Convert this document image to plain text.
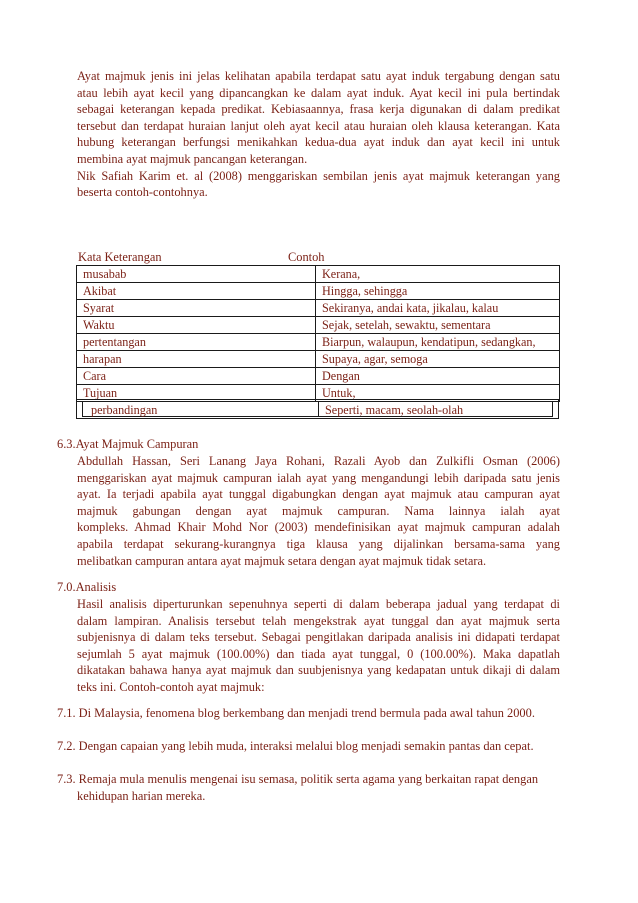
Ayat majmuk jenis ini jelas kelihatan apabila terdapat satu ayat induk tergabung dengan satu
atau lebih ayat kecil yang dipancangkan ke dalam ayat induk. Ayat kecil ini pula bertindak
sebagai keterangan kepada predikat. Kebiasaannya, frasa kerja digunakan di dalam predikat
tersebut dan terdapat huraian lanjut oleh ayat kecil atau huraian oleh klausa keterangan. Kata
hubung keterangan berfungsi menikahkan kedua-dua ayat induk dan ayat kecil ini untuk
membina ayat majmuk pancangan keterangan.
Nik Safiah Karim et. al (2008) menggariskan sembilan jenis ayat majmuk keterangan yang
beserta contoh-contohnya.
Kata Keterangan	Contoh
musabab	Kerana,
Akibat	Hingga, sehingga
Syarat	Sekiranya, andai kata, jikalau, kalau
Waktu	Sejak, setelah, sewaktu, sementara
pertentangan	Biarpun, walaupun, kendatipun, sedangkan,
harapan	Supaya, agar, semoga
Cara	Dengan
Tujuan	Untuk,
perbandingan	Seperti, macam, seolah-olah
6.3.Ayat Majmuk Campuran
Abdullah Hassan, Seri Lanang Jaya Rohani, Razali Ayob dan Zulkifli Osman (2006)
menggariskan ayat majmuk campuran ialah ayat yang mengandungi lebih daripada satu jenis
ayat. Ia terjadi apabila ayat tunggal digabungkan dengan ayat majmuk atau campuran ayat
majmuk gabungan dengan ayat majmuk campuran. Nama lainnya ialah ayat
kompleks. Ahmad Khair Mohd Nor (2003) mendefinisikan ayat majmuk campuran adalah
apabila terdapat sekurang-kurangnya tiga klausa yang dijalinkan bersama-sama yang
melibatkan campuran antara ayat majmuk setara dengan ayat majmuk tidak setara.
7.0.Analisis
Hasil analisis diperturunkan sepenuhnya seperti di dalam beberapa jadual yang terdapat di
dalam lampiran. Analisis tersebut telah mengekstrak ayat tunggal dan ayat majmuk serta
subjenisnya di dalam teks tersebut. Sebagai pengitlakan daripada analisis ini didapati terdapat
sejumlah 5 ayat majmuk (100.00%) dan tiada ayat tunggal, 0 (100.00%). Maka dapatlah
dikatakan bahawa hanya ayat majmuk dan suubjenisnya yang kedapatan untuk dikaji di dalam
teks ini. Contoh-contoh ayat majmuk:
7.1. Di Malaysia, fenomena blog berkembang dan menjadi trend bermula pada awal tahun 2000.
7.2. Dengan capaian yang lebih muda, interaksi melalui blog menjadi semakin pantas dan cepat.
7.3. Remaja mula menulis mengenai isu semasa, politik serta agama yang berkaitan rapat dengan
kehidupan harian mereka.
